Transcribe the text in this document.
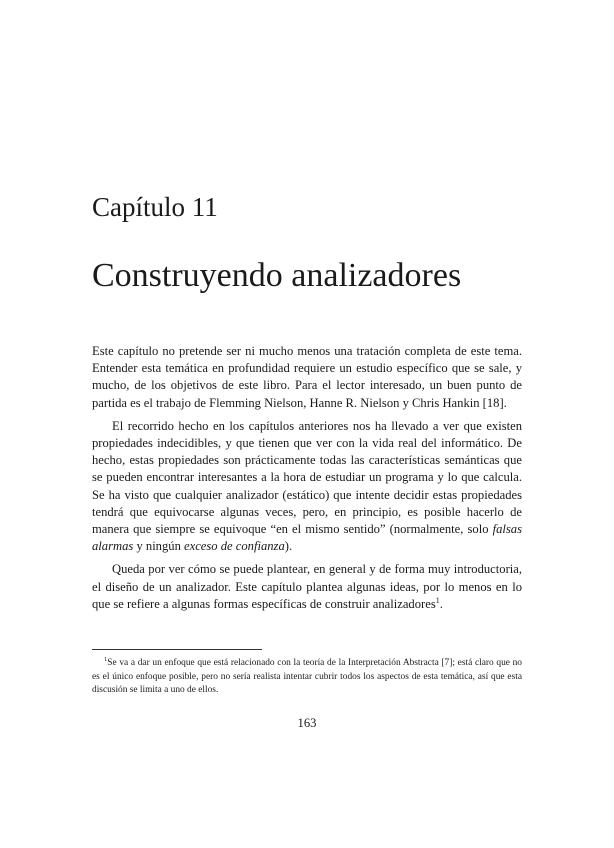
Capítulo 11
Construyendo analizadores

Este capítulo no pretende ser ni mucho menos una tratación completa de este tema. Entender esta temática en profundidad requiere un estudio específico que se sale, y mucho, de los objetivos de este libro. Para el lector interesado, un buen punto de partida es el trabajo de Flemming Nielson, Hanne R. Nielson y Chris Hankin [18].

El recorrido hecho en los capítulos anteriores nos ha llevado a ver que existen propiedades indecidibles, y que tienen que ver con la vida real del informático. De hecho, estas propiedades son prácticamente todas las características semánticas que se pueden encontrar interesantes a la hora de estudiar un programa y lo que calcula. Se ha visto que cualquier analizador (estático) que intente decidir estas propiedades tendrá que equivocarse algunas veces, pero, en principio, es posible hacerlo de manera que siempre se equivoque “en el mismo sentido” (normalmente, solo falsas alarmas y ningún exceso de confianza).

Queda por ver cómo se puede plantear, en general y de forma muy introductoria, el diseño de un analizador. Este capítulo plantea algunas ideas, por lo menos en lo que se refiere a algunas formas específicas de construir analizadores$^1$.

$^1$Se va a dar un enfoque que está relacionado con la teoría de la Interpretación Abstracta [7]; está claro que no es el único enfoque posible, pero no sería realista intentar cubrir todos los aspectos de esta temática, así que esta discusión se limita a uno de ellos.

163
